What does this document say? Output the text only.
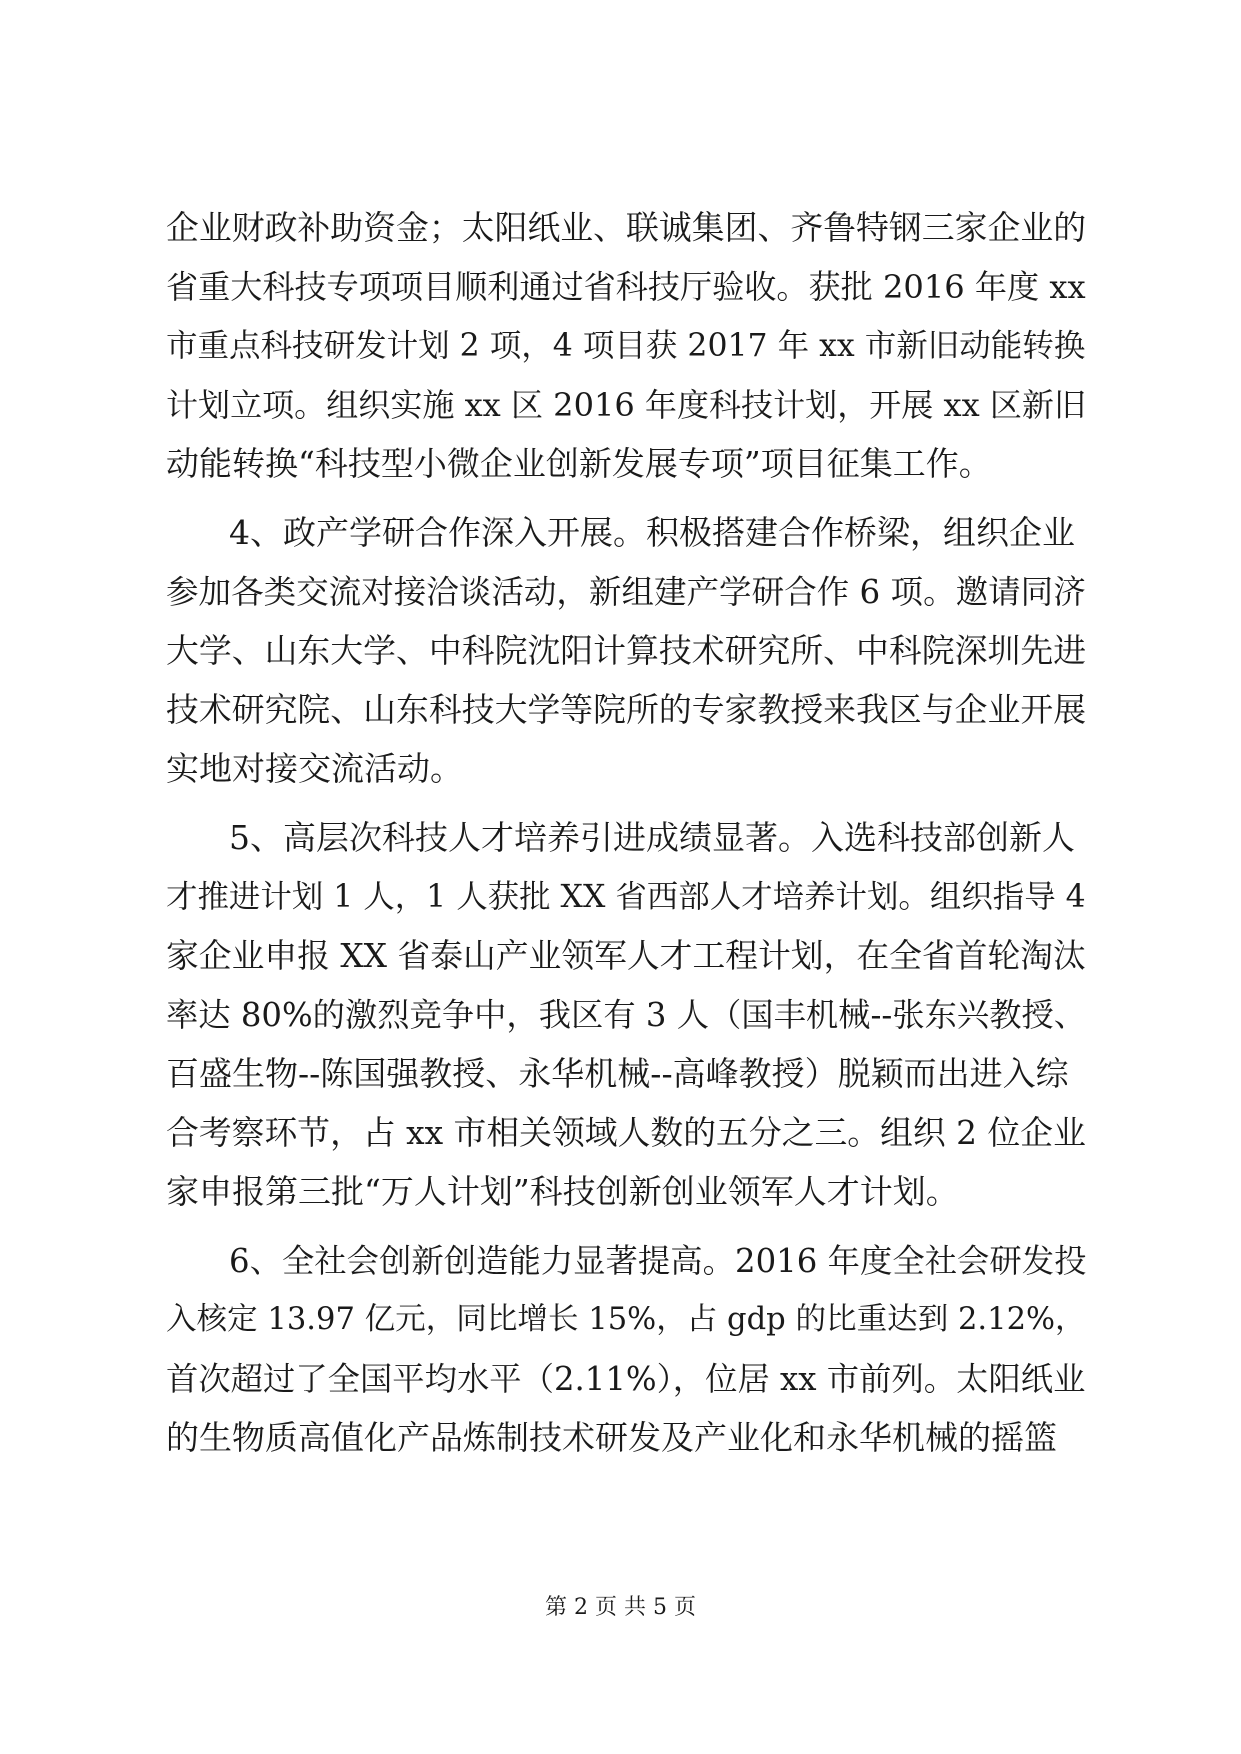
企业财政补助资金；太阳纸业、联诚集团、齐鲁特钢三家企业的
省重大科技专项项目顺利通过省科技厅验收。获批 2016 年度 xx
市重点科技研发计划 2 项，4 项目获 2017 年 xx 市新旧动能转换
计划立项。组织实施 xx 区 2016 年度科技计划，开展 xx 区新旧
动能转换“科技型小微企业创新发展专项”项目征集工作。
4、政产学研合作深入开展。积极搭建合作桥梁，组织企业
参加各类交流对接洽谈活动，新组建产学研合作 6 项。邀请同济
大学、山东大学、中科院沈阳计算技术研究所、中科院深圳先进
技术研究院、山东科技大学等院所的专家教授来我区与企业开展
实地对接交流活动。
5、高层次科技人才培养引进成绩显著。入选科技部创新人
才推进计划 1 人，1 人获批 XX 省西部人才培养计划。组织指导 4
家企业申报 XX 省泰山产业领军人才工程计划，在全省首轮淘汰
率达 80%的激烈竞争中，我区有 3 人（国丰机械--张东兴教授、
百盛生物--陈国强教授、永华机械--高峰教授）脱颖而出进入综
合考察环节，占 xx 市相关领域人数的五分之三。组织 2 位企业
家申报第三批“万人计划”科技创新创业领军人才计划。
6、全社会创新创造能力显著提高。2016 年度全社会研发投
入核定 13.97 亿元，同比增长 15%，占 gdp 的比重达到 2.12%，
首次超过了全国平均水平（2.11%），位居 xx 市前列。太阳纸业
的生物质高值化产品炼制技术研发及产业化和永华机械的摇篮
第 2 页 共 5 页
